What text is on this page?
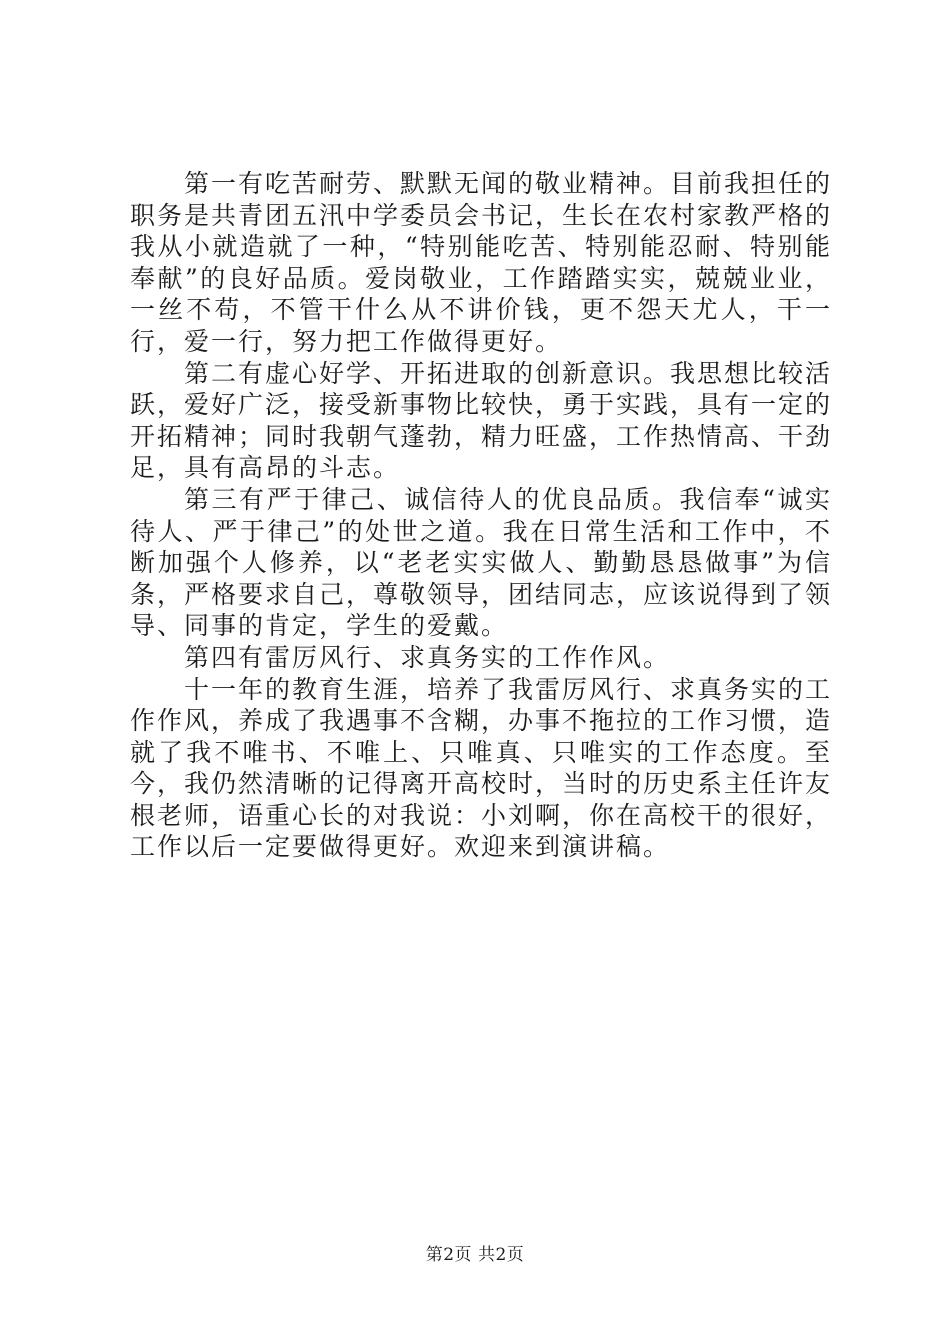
第一有吃苦耐劳、默默无闻的敬业精神。目前我担任的职务是共青团五汛中学委员会书记，生长在农村家教严格的我从小就造就了一种，“特别能吃苦、特别能忍耐、特别能奉献”的良好品质。爱岗敬业，工作踏踏实实，兢兢业业，一丝不苟，不管干什么从不讲价钱，更不怨天尤人，干一行，爱一行，努力把工作做得更好。

第二有虚心好学、开拓进取的创新意识。我思想比较活跃，爱好广泛，接受新事物比较快，勇于实践，具有一定的开拓精神；同时我朝气蓬勃，精力旺盛，工作热情高、干劲足，具有高昂的斗志。

第三有严于律己、诚信待人的优良品质。我信奉“诚实待人、严于律己”的处世之道。我在日常生活和工作中，不断加强个人修养，以“老老实实做人、勤勤恳恳做事”为信条，严格要求自己，尊敬领导，团结同志，应该说得到了领导、同事的肯定，学生的爱戴。

第四有雷厉风行、求真务实的工作作风。

十一年的教育生涯，培养了我雷厉风行、求真务实的工作作风，养成了我遇事不含糊，办事不拖拉的工作习惯，造就了我不唯书、不唯上、只唯真、只唯实的工作态度。至今，我仍然清晰的记得离开高校时，当时的历史系主任许友根老师，语重心长的对我说：小刘啊，你在高校干的很好，工作以后一定要做得更好。欢迎来到演讲稿。

第2页 共2页
